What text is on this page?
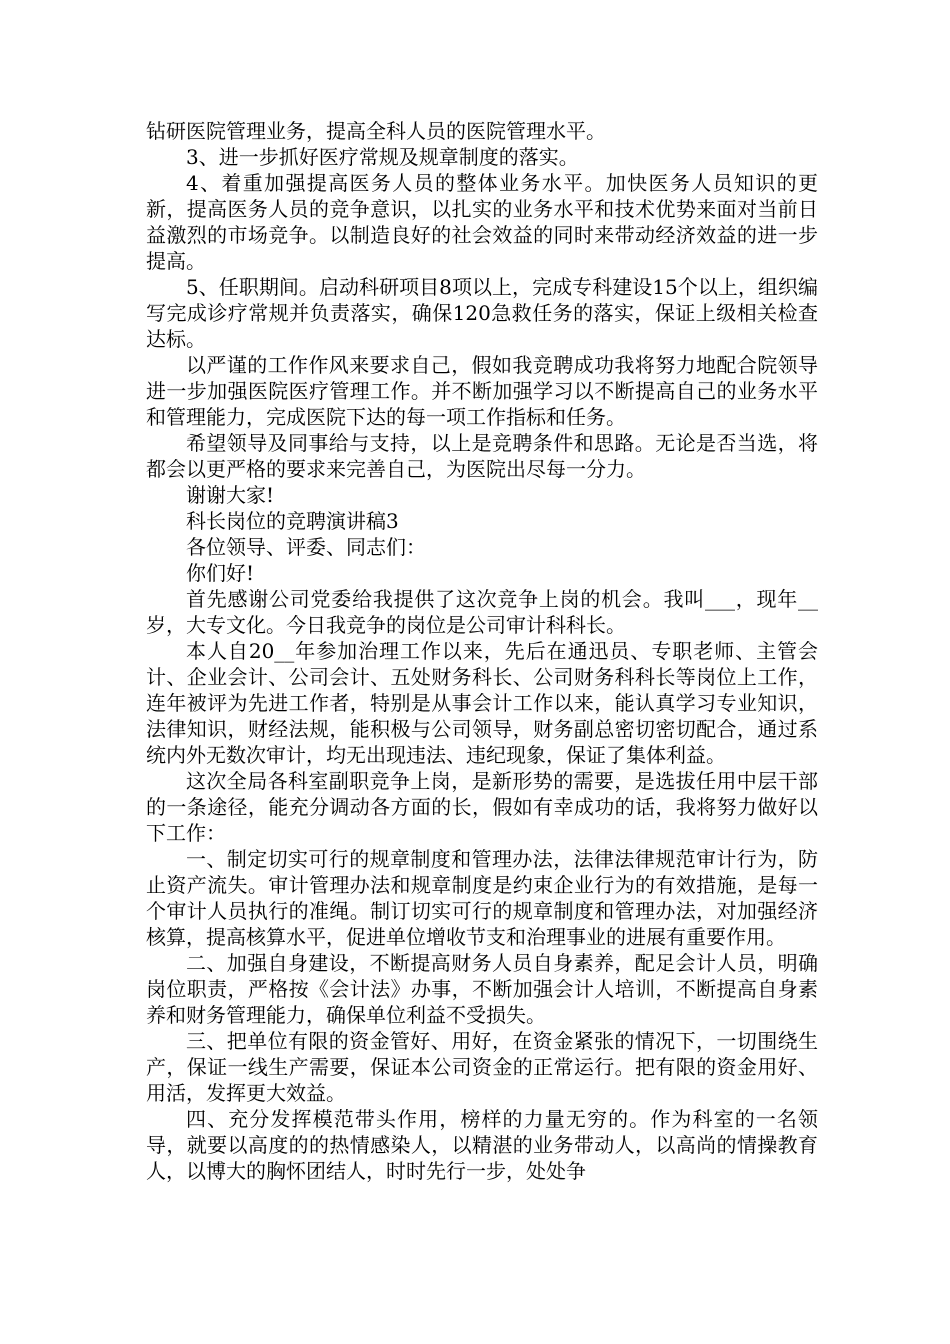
钻研医院管理业务，提高全科人员的医院管理水平。

3、进一步抓好医疗常规及规章制度的落实。

4、着重加强提高医务人员的整体业务水平。加快医务人员知识的更新，提高医务人员的竞争意识，以扎实的业务水平和技术优势来面对当前日益激烈的市场竞争。以制造良好的社会效益的同时来带动经济效益的进一步提高。

5、任职期间。启动科研项目8项以上，完成专科建设15个以上，组织编写完成诊疗常规并负责落实，确保120急救任务的落实，保证上级相关检查达标。

以严谨的工作作风来要求自己，假如我竞聘成功我将努力地配合院领导进一步加强医院医疗管理工作。并不断加强学习以不断提高自己的业务水平和管理能力，完成医院下达的每一项工作指标和任务。

希望领导及同事给与支持，以上是竞聘条件和思路。无论是否当选，将都会以更严格的要求来完善自己，为医院出尽每一分力。

谢谢大家!

科长岗位的竞聘演讲稿3

各位领导、评委、同志们：

你们好!

首先感谢公司党委给我提供了这次竞争上岗的机会。我叫___，现年__岁，大专文化。今日我竞争的岗位是公司审计科科长。

本人自20__年参加治理工作以来，先后在通迅员、专职老师、主管会计、企业会计、公司会计、五处财务科长、公司财务科科长等岗位上工作，连年被评为先进工作者，特别是从事会计工作以来，能认真学习专业知识，法律知识，财经法规，能积极与公司领导，财务副总密切密切配合，通过系统内外无数次审计，均无出现违法、违纪现象，保证了集体利益。

这次全局各科室副职竞争上岗，是新形势的需要，是选拔任用中层干部的一条途径，能充分调动各方面的长，假如有幸成功的话，我将努力做好以下工作：

一、制定切实可行的规章制度和管理办法，法律法律规范审计行为，防止资产流失。审计管理办法和规章制度是约束企业行为的有效措施，是每一个审计人员执行的准绳。制订切实可行的规章制度和管理办法，对加强经济核算，提高核算水平，促进单位增收节支和治理事业的进展有重要作用。

二、加强自身建设，不断提高财务人员自身素养，配足会计人员，明确岗位职责，严格按《会计法》办事，不断加强会计人培训，不断提高自身素养和财务管理能力，确保单位利益不受损失。

三、把单位有限的资金管好、用好，在资金紧张的情况下，一切围绕生产，保证一线生产需要，保证本公司资金的正常运行。把有限的资金用好、用活，发挥更大效益。

四、充分发挥模范带头作用，榜样的力量无穷的。作为科室的一名领导，就要以高度的的热情感染人，以精湛的业务带动人，以高尚的情操教育人，以博大的胸怀团结人，时时先行一步，处处争
